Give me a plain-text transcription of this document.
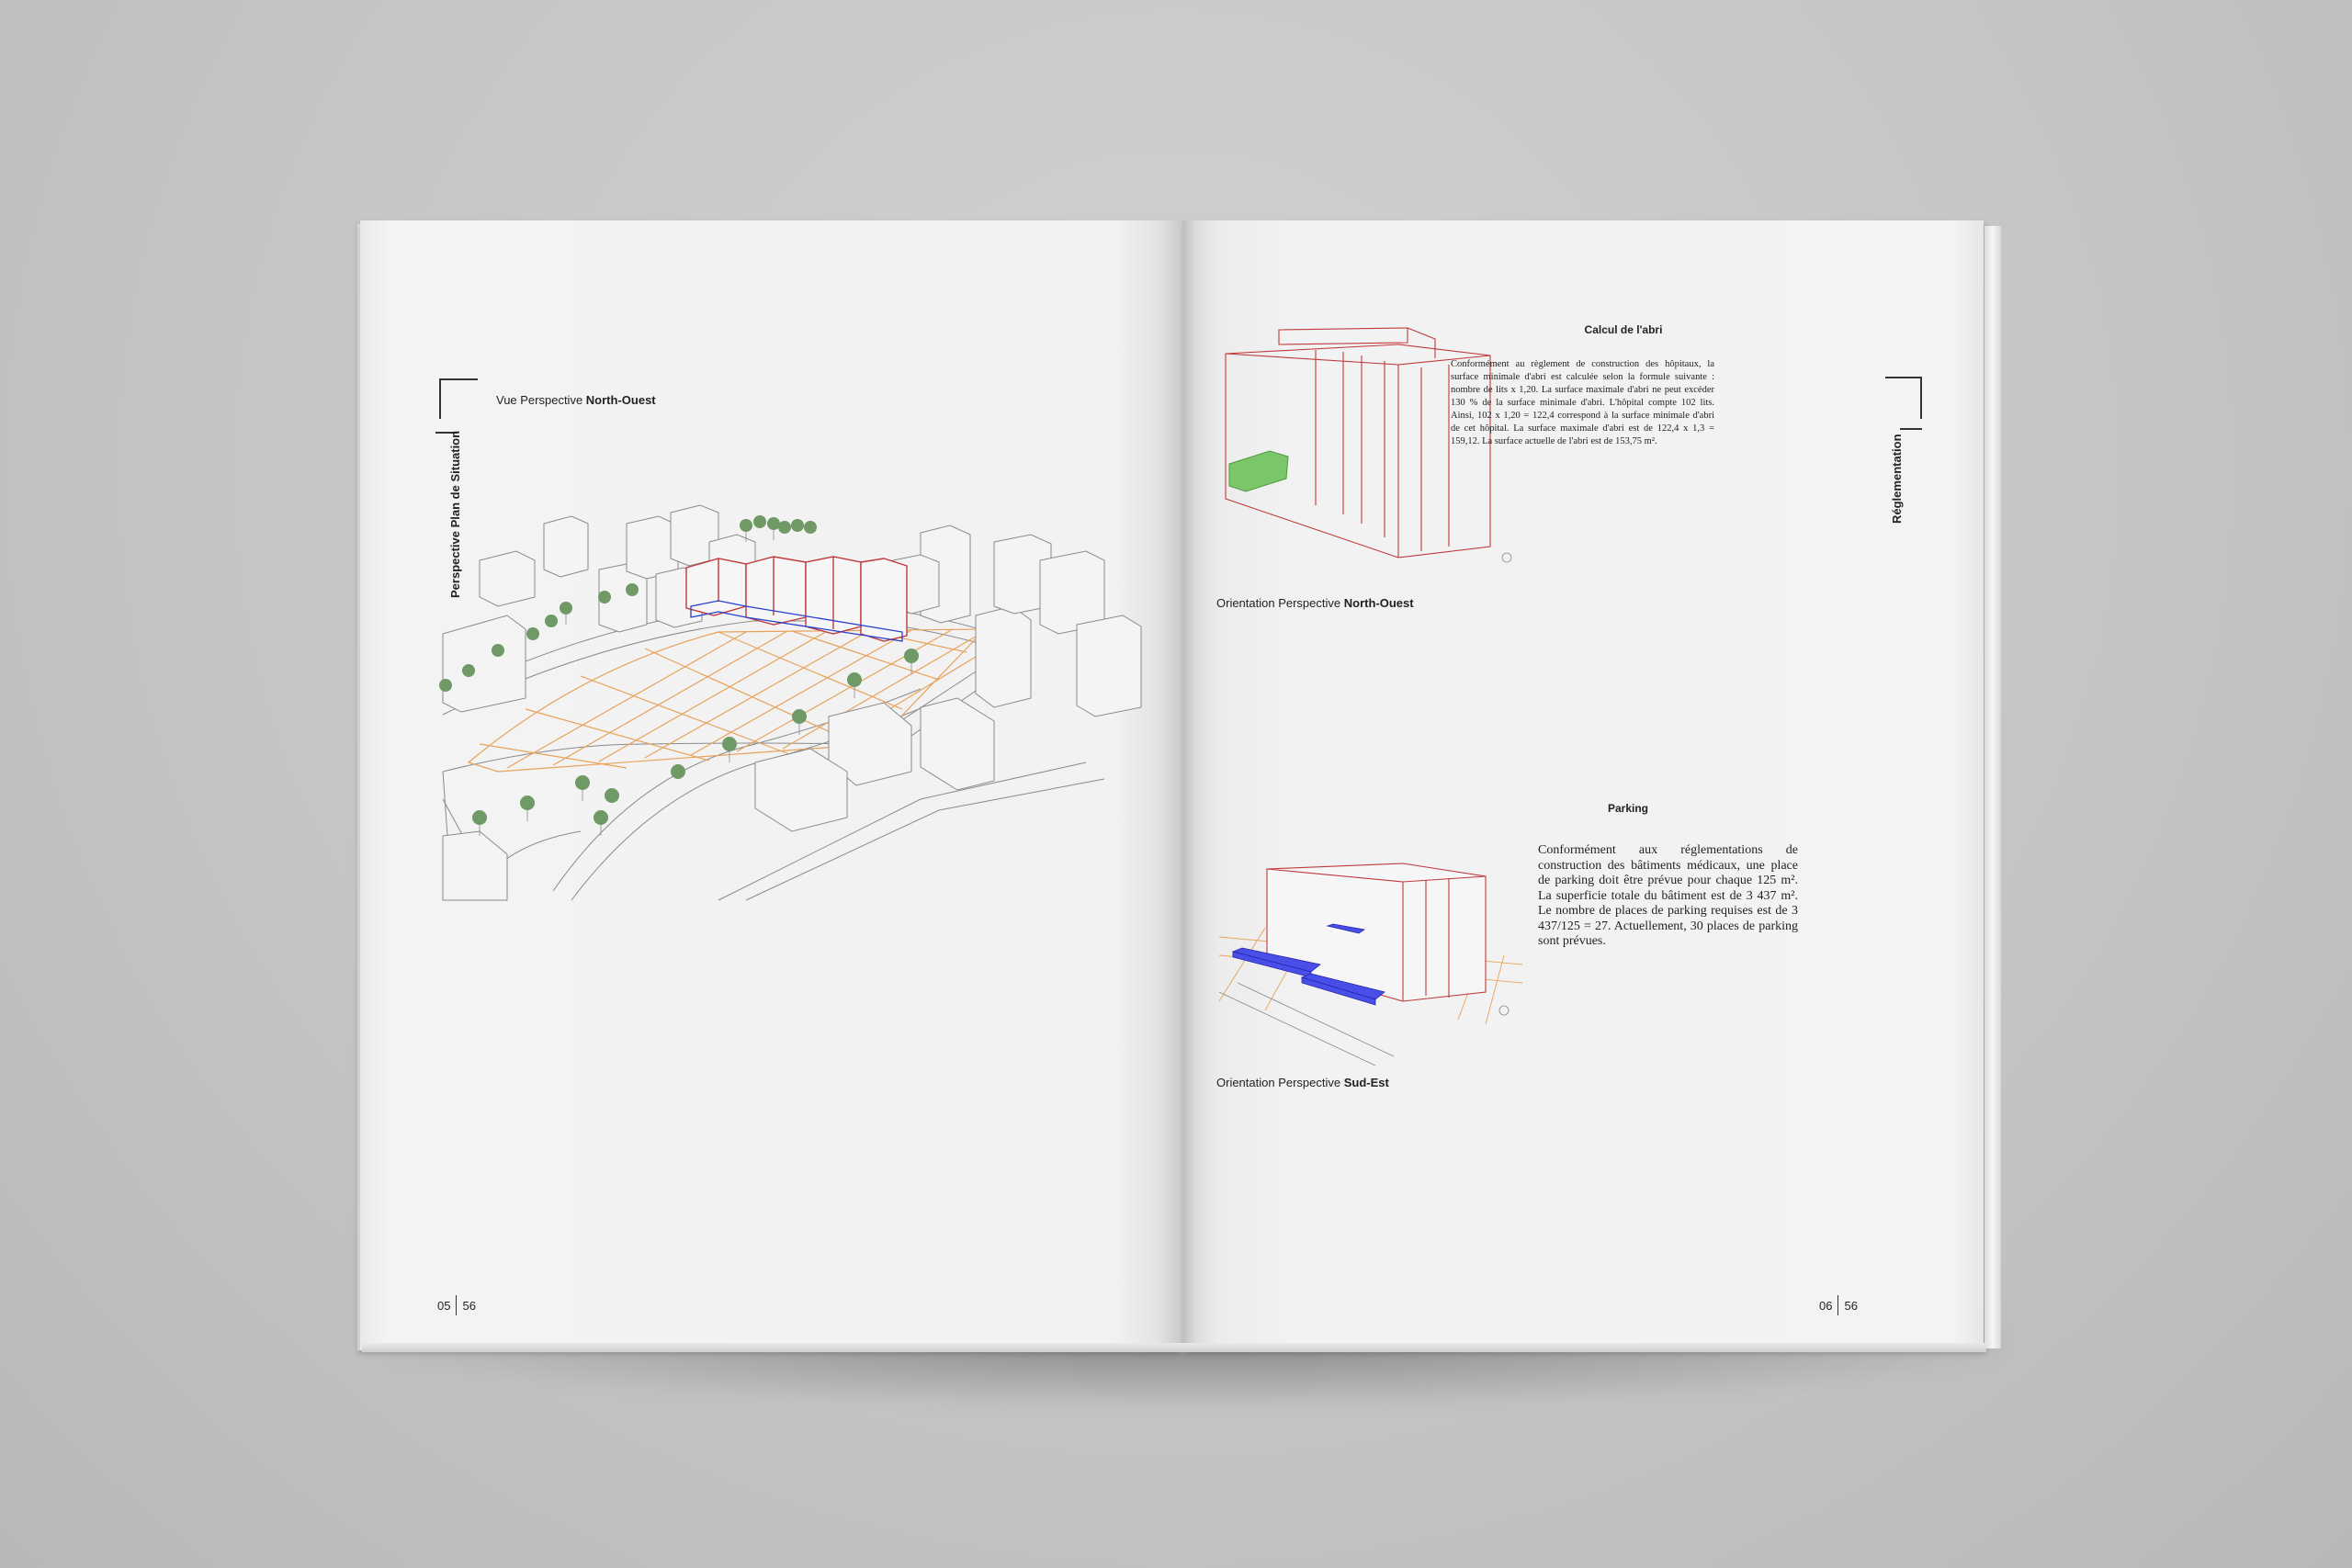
Perspective Plan de Situation
Vue Perspective North-Ouest
05 56
Orientation Perspective North-Ouest
Calcul de l'abri
Conformément au règlement de construction des hôpitaux, la surface minimale d'abri est calculée selon la formule suivante : nombre de lits x 1,20. La surface maximale d'abri ne peut excéder 130 % de la surface minimale d'abri. L'hôpital compte 102 lits. Ainsi, 102 x 1,20 = 122,4 correspond à la surface minimale d'abri de cet hôpital. La surface maximale d'abri est de 122,4 x 1,3 = 159,12. La surface actuelle de l'abri est de 153,75 m².	Réglementation
Orientation Perspective Sud-Est
Parking
Conformément aux réglementations de construction des bâtiments médicaux, une place de parking doit être prévue pour chaque 125 m². La superficie totale du bâtiment est de 3 437 m². Le nombre de places de parking requises est de 3 437/125 = 27. Actuellement, 30 places de parking sont prévues.
06 56
